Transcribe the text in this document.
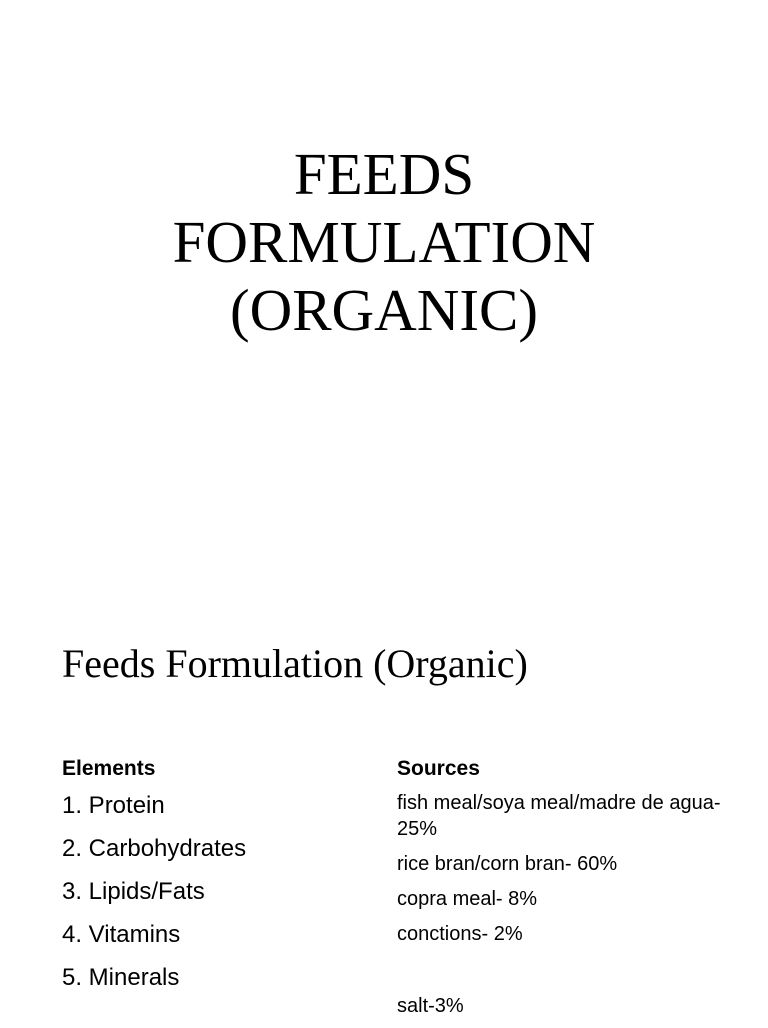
FEEDS
FORMULATION
(ORGANIC)
Feeds Formulation (Organic)
Elements
1. Protein
2. Carbohydrates
3. Lipids/Fats
4. Vitamins
5. Minerals
Sources
fish meal/soya meal/madre de agua- 25%
rice bran/corn bran- 60%
copra meal- 8%
conctions- 2%
salt-3%
